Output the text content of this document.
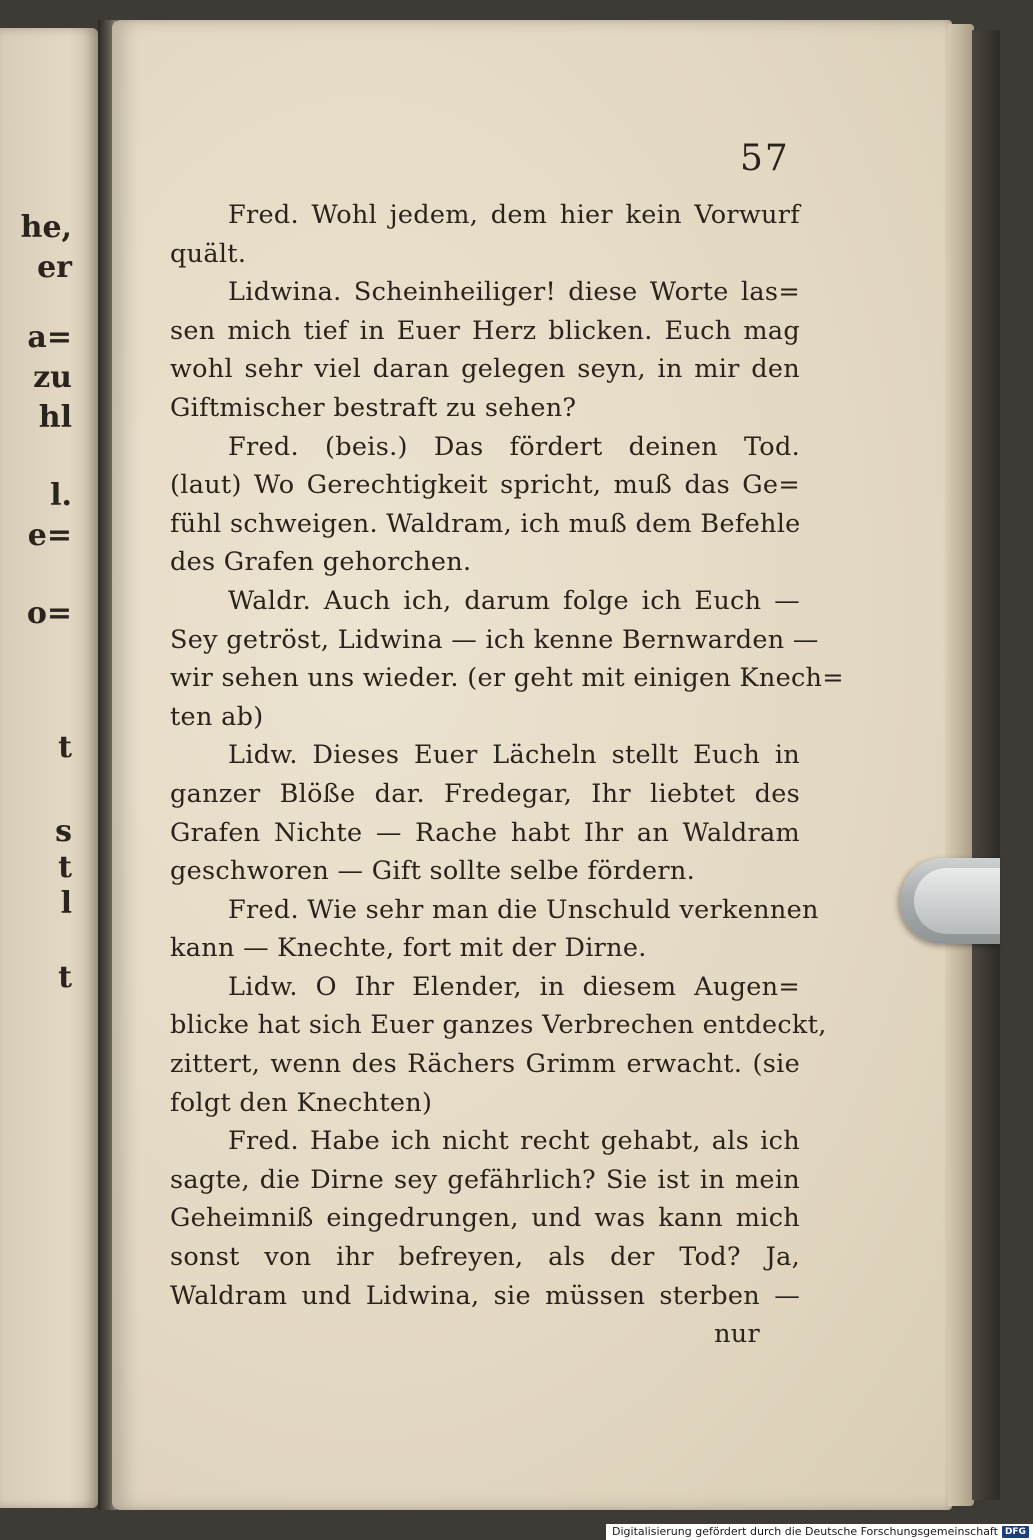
he,
er
a=
zu
hl
l.
e=
o=
t
s
t
l
t
57
Fred. Wohl jedem, dem hier kein Vorwurf
quält.
Lidwina. Scheinheiliger! diese Worte las=
sen mich tief in Euer Herz blicken. Euch mag
wohl sehr viel daran gelegen seyn, in mir den
Giftmischer bestraft zu sehen?
Fred. (beis.) Das fördert deinen Tod.
(laut) Wo Gerechtigkeit spricht, muß das Ge=
fühl schweigen. Waldram, ich muß dem Befehle
des Grafen gehorchen.
Waldr. Auch ich, darum folge ich Euch —
Sey getröst, Lidwina — ich kenne Bernwarden —
wir sehen uns wieder. (er geht mit einigen Knech=
ten ab)
Lidw. Dieses Euer Lächeln stellt Euch in
ganzer Blöße dar. Fredegar, Ihr liebtet des
Grafen Nichte — Rache habt Ihr an Waldram
geschworen — Gift sollte selbe fördern.
Fred. Wie sehr man die Unschuld verkennen
kann — Knechte, fort mit der Dirne.
Lidw. O Ihr Elender, in diesem Augen=
blicke hat sich Euer ganzes Verbrechen entdeckt,
zittert, wenn des Rächers Grimm erwacht. (sie
folgt den Knechten)
Fred. Habe ich nicht recht gehabt, als ich
sagte, die Dirne sey gefährlich? Sie ist in mein
Geheimniß eingedrungen, und was kann mich
sonst von ihr befreyen, als der Tod? Ja,
Waldram und Lidwina, sie müssen sterben —
nur
Digitalisierung gefördert durch die Deutsche Forschungsgemeinschaft DFG
